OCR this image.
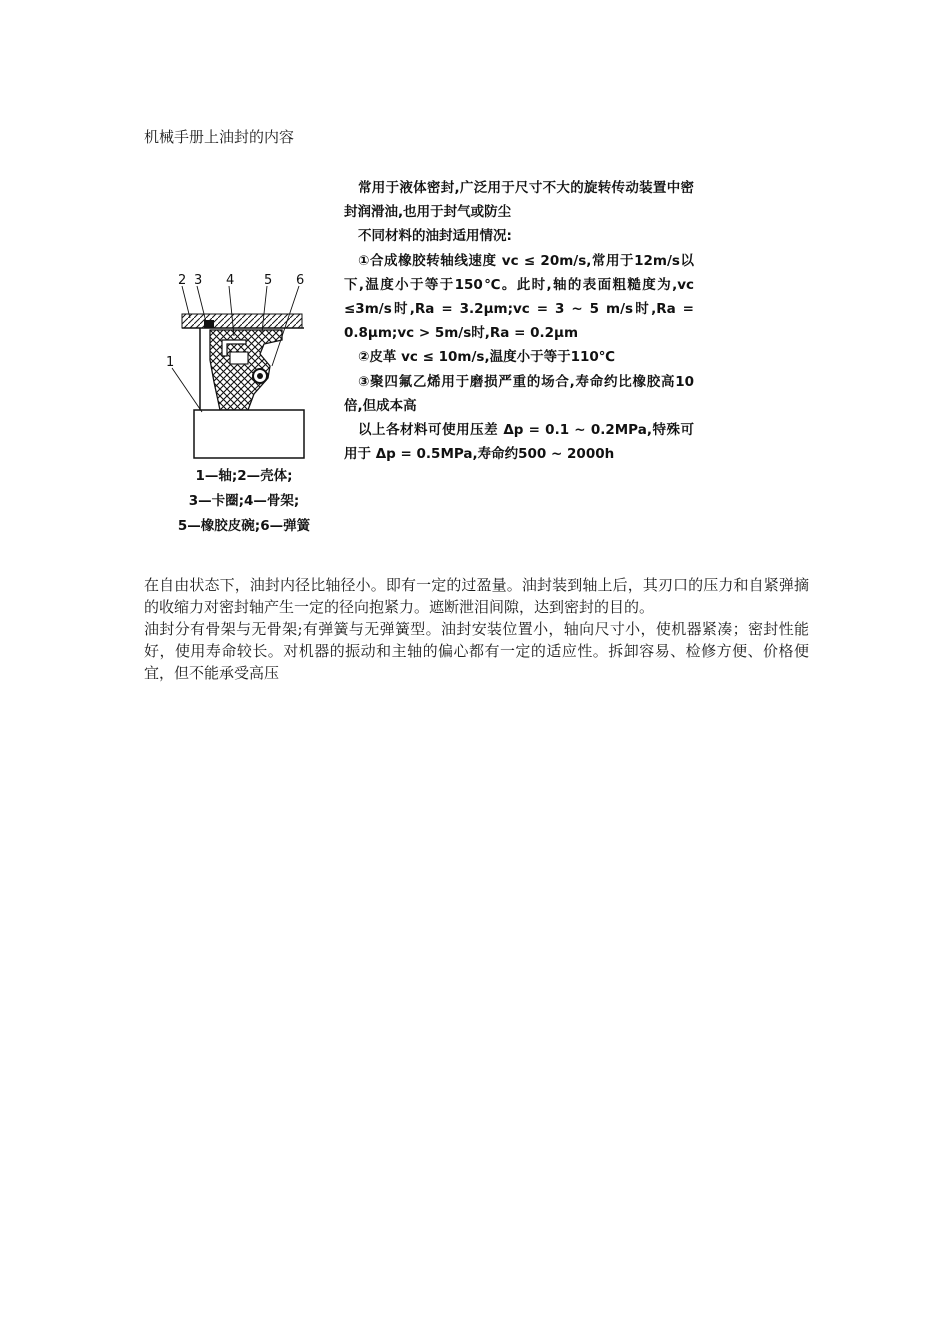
机械手册上油封的内容
2 3 4 5 6
1
1—轴;2—壳体;
3—卡圈;4—骨架;
5—橡胶皮碗;6—弹簧

常用于液体密封,广泛用于尺寸不大的旋转传动装置中密封润滑油,也用于封气或防尘

不同材料的油封适用情况:

①合成橡胶转轴线速度 vc ≤ 20m/s,常用于12m/s以下,温度小于等于150℃。此时,轴的表面粗糙度为,vc ≤3m/s时,Ra = 3.2μm;vc = 3 ~ 5 m/s时,Ra = 0.8μm;vc > 5m/s时,Ra = 0.2μm

②皮革 vc ≤ 10m/s,温度小于等于110℃

③聚四氟乙烯用于磨损严重的场合,寿命约比橡胶高10倍,但成本高

以上各材料可使用压差 Δp = 0.1 ~ 0.2MPa,特殊可用于 Δp = 0.5MPa,寿命约500 ~ 2000h

在自由状态下，油封内径比轴径小。即有一定的过盈量。油封装到轴上后，其刃口的压力和自紧弹摘的收缩力对密封轴产生一定的径向抱紧力。遮断泄泪间隙，达到密封的目的。

油封分有骨架与无骨架;有弹簧与无弹簧型。油封安装位置小，轴向尺寸小，使机器紧凑；密封性能好，使用寿命较长。对机器的振动和主轴的偏心都有一定的适应性。拆卸容易、检修方便、价格便宜，但不能承受高压
